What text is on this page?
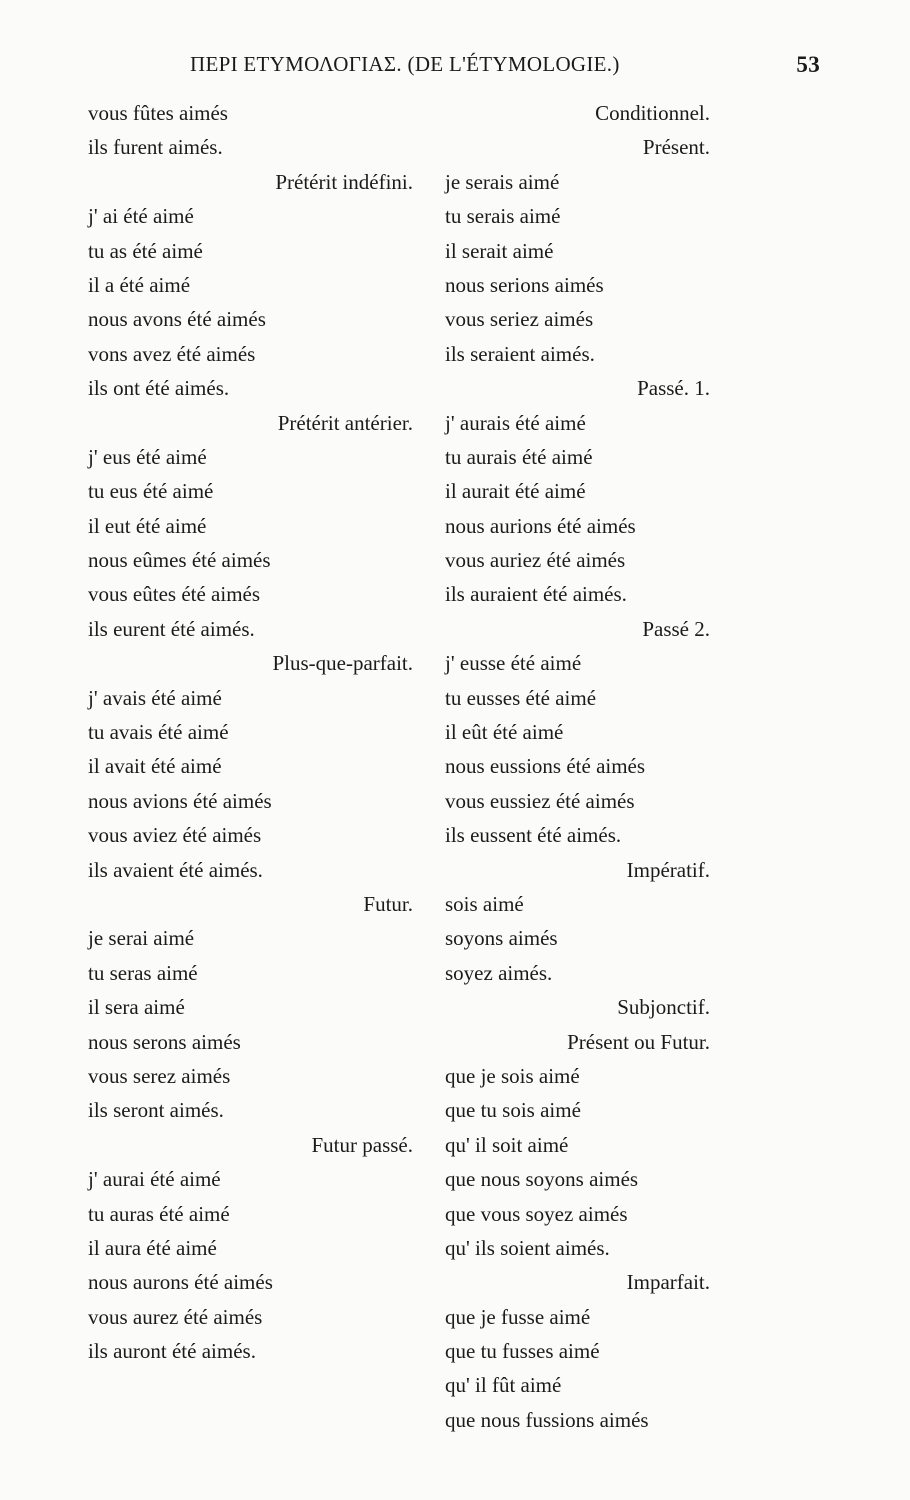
ΠΕΡΙ ΕΤΥΜΟΛΟΓΙΑΣ. (DE L'ÉTYMOLOGIE.)	53
vous fûtes aimés
ils furent aimés.
Prétérit indéfini.
j' ai été aimé
tu as été aimé
il a été aimé
nous avons été aimés
vons avez été aimés
ils ont été aimés.
Prétérit antérier.
j' eus été aimé
tu eus été aimé
il eut été aimé
nous eûmes été aimés
vous eûtes été aimés
ils eurent été aimés.
Plus-que-parfait.
j' avais été aimé
tu avais été aimé
il avait été aimé
nous avions été aimés
vous aviez été aimés
ils avaient été aimés.
Futur.
je serai aimé
tu seras aimé
il sera aimé
nous serons aimés
vous serez aimés
ils seront aimés.
Futur passé.
j' aurai été aimé
tu auras été aimé
il aura été aimé
nous aurons été aimés
vous aurez été aimés
ils auront été aimés.
Conditionnel.
Présent.
je serais aimé
tu serais aimé
il serait aimé
nous serions aimés
vous seriez aimés
ils seraient aimés.
Passé. 1.
j' aurais été aimé
tu aurais été aimé
il aurait été aimé
nous aurions été aimés
vous auriez été aimés
ils auraient été aimés.
Passé 2.
j' eusse été aimé
tu eusses été aimé
il eût été aimé
nous eussions été aimés
vous eussiez été aimés
ils eussent été aimés.
Impératif.
sois aimé
soyons aimés
soyez aimés.
Subjonctif.
Présent ou Futur.
que je sois aimé
que tu sois aimé
qu' il soit aimé
que nous soyons aimés
que vous soyez aimés
qu' ils soient aimés.
Imparfait.
que je fusse aimé
que tu fusses aimé
qu' il fût aimé
que nous fussions aimés
